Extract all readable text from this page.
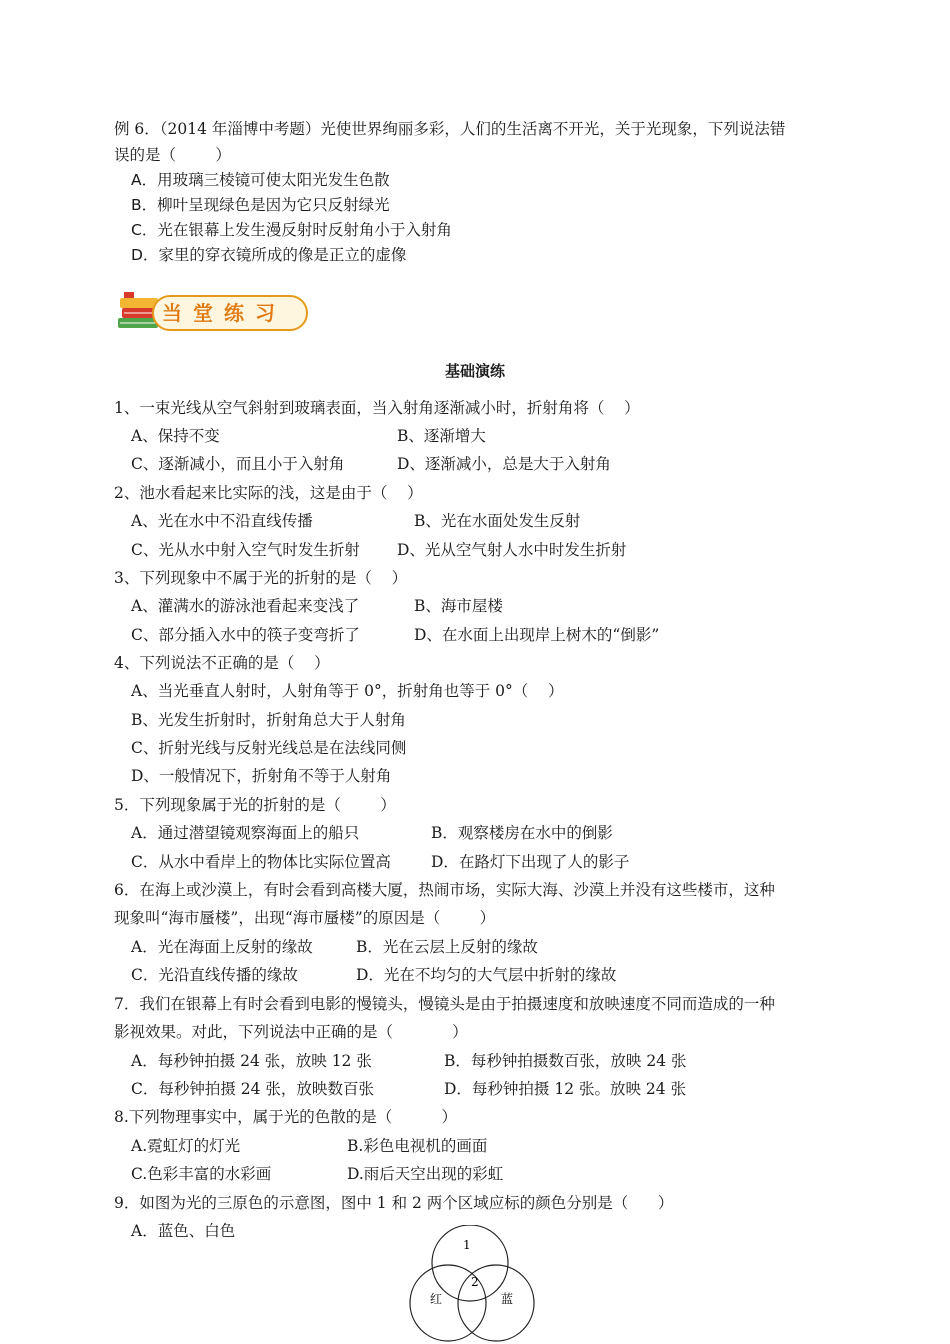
例 6．（2014 年淄博中考题）光使世界绚丽多彩，人们的生活离不开光，关于光现象，下列说法错
误的是（        ）
A．用玻璃三棱镜可使太阳光发生色散
B．柳叶呈现绿色是因为它只反射绿光
C．光在银幕上发生漫反射时反射角小于入射角
D．家里的穿衣镜所成的像是正立的虚像
当堂练习
基础演练
1、一束光线从空气斜射到玻璃表面，当入射角逐渐减小时，折射角将（    ）
A、保持不变	B、逐渐增大
C、逐渐减小，而且小于入射角	D、逐渐减小，总是大于入射角
2、池水看起来比实际的浅，这是由于（    ）
A、光在水中不沿直线传播	B、光在水面处发生反射
C、光从水中射入空气时发生折射 D、光从空气射人水中时发生折射
3、下列现象中不属于光的折射的是（    ）
A、灌满水的游泳池看起来变浅了	B、海市屋楼
C、部分插入水中的筷子变弯折了	D、在水面上出现岸上树木的“倒影”
4、下列说法不正确的是（    ）
A、当光垂直人射时，人射角等于 0°，折射角也等于 0°（    ）
B、光发生折射时，折射角总大于人射角
C、折射光线与反射光线总是在法线同侧
D、一般情况下，折射角不等于人射角
5．下列现象属于光的折射的是（        ）
A．通过潜望镜观察海面上的船只	B．观察楼房在水中的倒影
C．从水中看岸上的物体比实际位置高	D．在路灯下出现了人的影子
6．在海上或沙漠上，有时会看到高楼大厦，热闹市场，实际大海、沙漠上并没有这些楼市，这种
现象叫“海市蜃楼”，出现“海市蜃楼”的原因是（        ）
A．光在海面上反射的缘故	B．光在云层上反射的缘故
C．光沿直线传播的缘故	D．光在不均匀的大气层中折射的缘故
7．我们在银幕上有时会看到电影的慢镜头，慢镜头是由于拍摄速度和放映速度不同而造成的一种
影视效果。对此，下列说法中正确的是（            ）
A．每秒钟拍摄 24 张，放映 12 张	B．每秒钟拍摄数百张，放映 24 张
C．每秒钟拍摄 24 张，放映数百张	D．每秒钟拍摄 12 张。放映 24 张
8.下列物理事实中，属于光的色散的是（          ）
A.霓虹灯的灯光	B.彩色电视机的画面
C.色彩丰富的水彩画	D.雨后天空出现的彩虹
9．如图为光的三原色的示意图，图中 1 和 2 两个区域应标的颜色分别是（      ）
A．蓝色、白色
1
2
红	蓝
